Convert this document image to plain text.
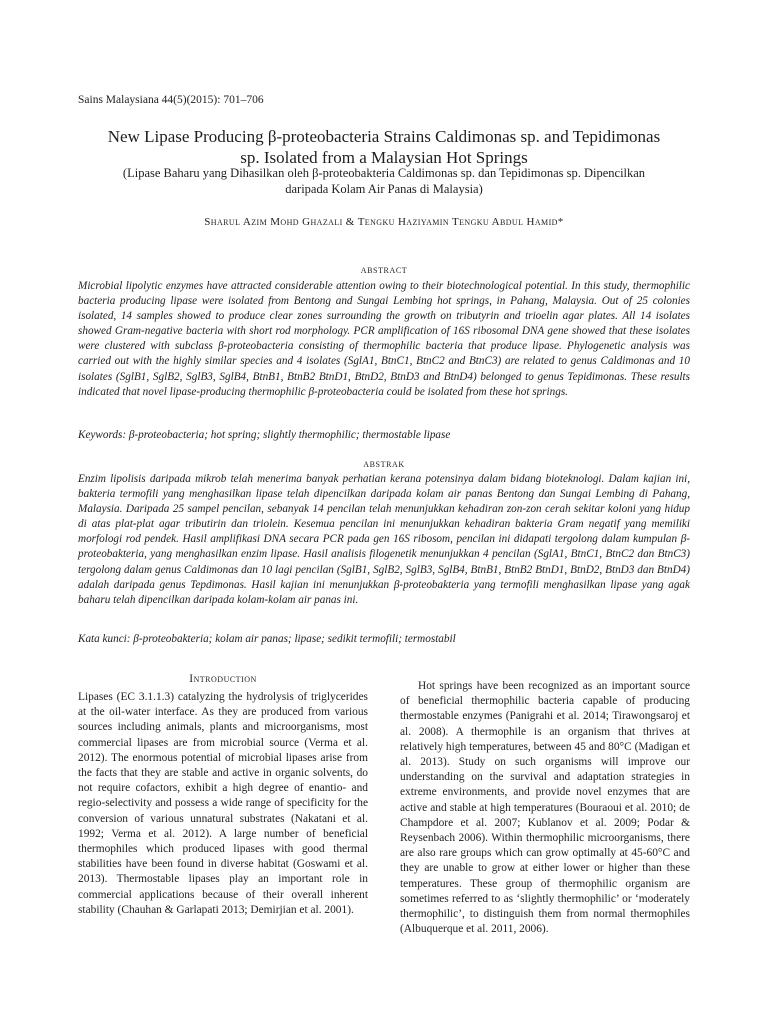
Sains Malaysiana 44(5)(2015): 701–706
New Lipase Producing β-proteobacteria Strains Caldimonas sp. and Tepidimonas
sp. Isolated from a Malaysian Hot Springs
(Lipase Baharu yang Dihasilkan oleh β-proteobakteria Caldimonas sp. dan Tepidimonas sp. Dipencilkan
daripada Kolam Air Panas di Malaysia)
Sharul Azim Mohd Ghazali & Tengku Haziyamin Tengku Abdul Hamid*
abstract
Microbial lipolytic enzymes have attracted considerable attention owing to their biotechnological potential. In this study, thermophilic bacteria producing lipase were isolated from Bentong and Sungai Lembing hot springs, in Pahang, Malaysia. Out of 25 colonies isolated, 14 samples showed to produce clear zones surrounding the growth on tributyrin and trioelin agar plates. All 14 isolates showed Gram-negative bacteria with short rod morphology. PCR amplification of 16S ribosomal DNA gene showed that these isolates were clustered with subclass β-proteobacteria consisting of thermophilic bacteria that produce lipase. Phylogenetic analysis was carried out with the highly similar species and 4 isolates (SglA1, BtnC1, BtnC2 and BtnC3) are related to genus Caldimonas and 10 isolates (SglB1, SglB2, SglB3, SglB4, BtnB1, BtnB2 BtnD1, BtnD2, BtnD3 and BtnD4) belonged to genus Tepidimonas. These results indicated that novel lipase-producing thermophilic β-proteobacteria could be isolated from these hot springs.
Keywords: β-proteobacteria; hot spring; slightly thermophilic; thermostable lipase
abstrak
Enzim lipolisis daripada mikrob telah menerima banyak perhatian kerana potensinya dalam bidang bioteknologi. Dalam kajian ini, bakteria termofili yang menghasilkan lipase telah dipencilkan daripada kolam air panas Bentong dan Sungai Lembing di Pahang, Malaysia. Daripada 25 sampel pencilan, sebanyak 14 pencilan telah menunjukkan kehadiran zon-zon cerah sekitar koloni yang hidup di atas plat-plat agar tributirin dan triolein. Kesemua pencilan ini menunjukkan kehadiran bakteria Gram negatif yang memiliki morfologi rod pendek. Hasil amplifikasi DNA secara PCR pada gen 16S ribosom, pencilan ini didapati tergolong dalam kumpulan β-proteobakteria, yang menghasilkan enzim lipase. Hasil analisis filogenetik menunjukkan 4 pencilan (SglA1, BtnC1, BtnC2 dan BtnC3) tergolong dalam genus Caldimonas dan 10 lagi pencilan (SglB1, SglB2, SglB3, SglB4, BtnB1, BtnB2 BtnD1, BtnD2, BtnD3 dan BtnD4) adalah daripada genus Tepdimonas. Hasil kajian ini menunjukkan β-proteobakteria yang termofili menghasilkan lipase yang agak baharu telah dipencilkan daripada kolam-kolam air panas ini.
Kata kunci: β-proteobakteria; kolam air panas; lipase; sedikit termofili; termostabil
Introduction
Lipases (EC 3.1.1.3) catalyzing the hydrolysis of triglycerides at the oil-water interface. As they are produced from various sources including animals, plants and microorganisms, most commercial lipases are from microbial source (Verma et al. 2012). The enormous potential of microbial lipases arise from the facts that they are stable and active in organic solvents, do not require cofactors, exhibit a high degree of enantio- and regio-selectivity and possess a wide range of specificity for the conversion of various unnatural substrates (Nakatani et al. 1992; Verma et al. 2012). A large number of beneficial thermophiles which produced lipases with good thermal stabilities have been found in diverse habitat (Goswami et al. 2013). Thermostable lipases play an important role in commercial applications because of their overall inherent stability (Chauhan & Garlapati 2013; Demirjian et al. 2001).
Hot springs have been recognized as an important source of beneficial thermophilic bacteria capable of producing thermostable enzymes (Panigrahi et al. 2014; Tirawongsaroj et al. 2008). A thermophile is an organism that thrives at relatively high temperatures, between 45 and 80°C (Madigan et al. 2013). Study on such organisms will improve our understanding on the survival and adaptation strategies in extreme environments, and provide novel enzymes that are active and stable at high temperatures (Bouraoui et al. 2010; de Champdore et al. 2007; Kublanov et al. 2009; Podar & Reysenbach 2006). Within thermophilic microorganisms, there are also rare groups which can grow optimally at 45-60°C and they are unable to grow at either lower or higher than these temperatures. These group of thermophilic organism are sometimes referred to as ‘slightly thermophilic’ or ‘moderately thermophilic’, to distinguish them from normal thermophiles (Albuquerque et al. 2011, 2006).
